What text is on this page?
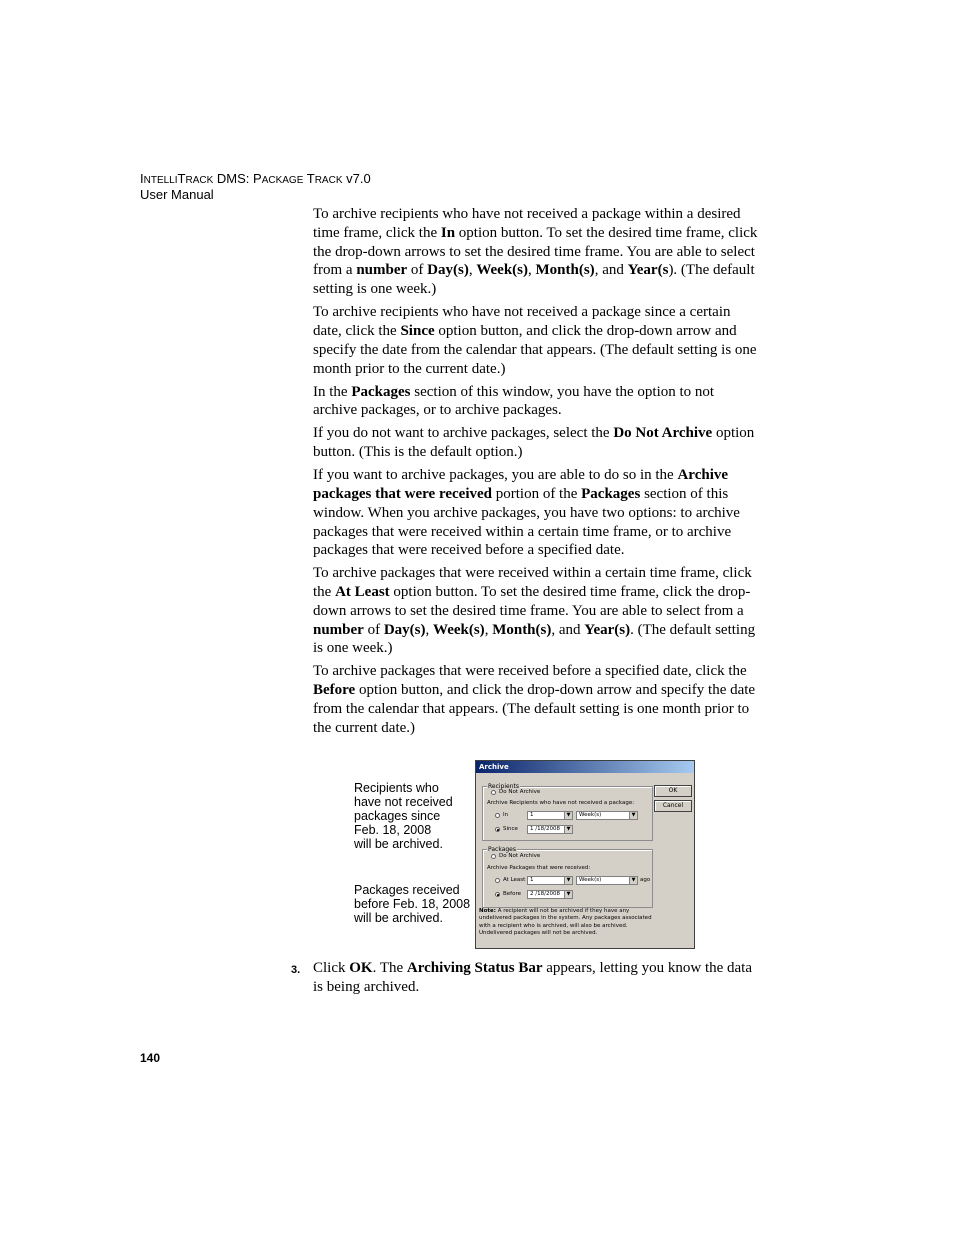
INTELLITRACK DMS: PACKAGE TRACK v7.0
User Manual

To archive recipients who have not received a package within a desired time frame, click the In option button. To set the desired time frame, click the drop-down arrows to set the desired time frame. You are able to select from a number of Day(s), Week(s), Month(s), and Year(s). (The default setting is one week.)

To archive recipients who have not received a package since a certain date, click the Since option button, and click the drop-down arrow and specify the date from the calendar that appears. (The default setting is one month prior to the current date.)

In the Packages section of this window, you have the option to not archive packages, or to archive packages.

If you do not want to archive packages, select the Do Not Archive option button. (This is the default option.)

If you want to archive packages, you are able to do so in the Archive packages that were received portion of the Packages section of this window. When you archive packages, you have two options: to archive packages that were received within a certain time frame, or to archive packages that were received before a specified date.

To archive packages that were received within a certain time frame, click the At Least option button. To set the desired time frame, click the drop-down arrows to set the desired time frame. You are able to select from a number of Day(s), Week(s), Month(s), and Year(s). (The default setting is one week.)

To archive packages that were received before a specified date, click the Before option button, and click the drop-down arrow and specify the date from the calendar that appears. (The default setting is one month prior to the current date.)

Recipients who
have not received
packages since
Feb. 18, 2008
will be archived.
Packages received
before Feb. 18, 2008
will be archived.
Archive
Recipients
Do Not Archive
Archive Recipients who have not received a package:
In	1	▼	Week(s)	▼
Since	1 /18/2008	▼
Packages
Do Not Archive
Archive Packages that were received:
At Least 1	▼	Week(s)	▼ ago
Before	2 /18/2008	▼
OK
Cancel
Note: A recipient will not be archived if they have any undelivered packages in the system. Any packages associated with a recipient who is archived, will also be archived.
Undelivered packages will not be archived.
3. Click OK. The Archiving Status Bar appears, letting you know the data is being archived.
140
